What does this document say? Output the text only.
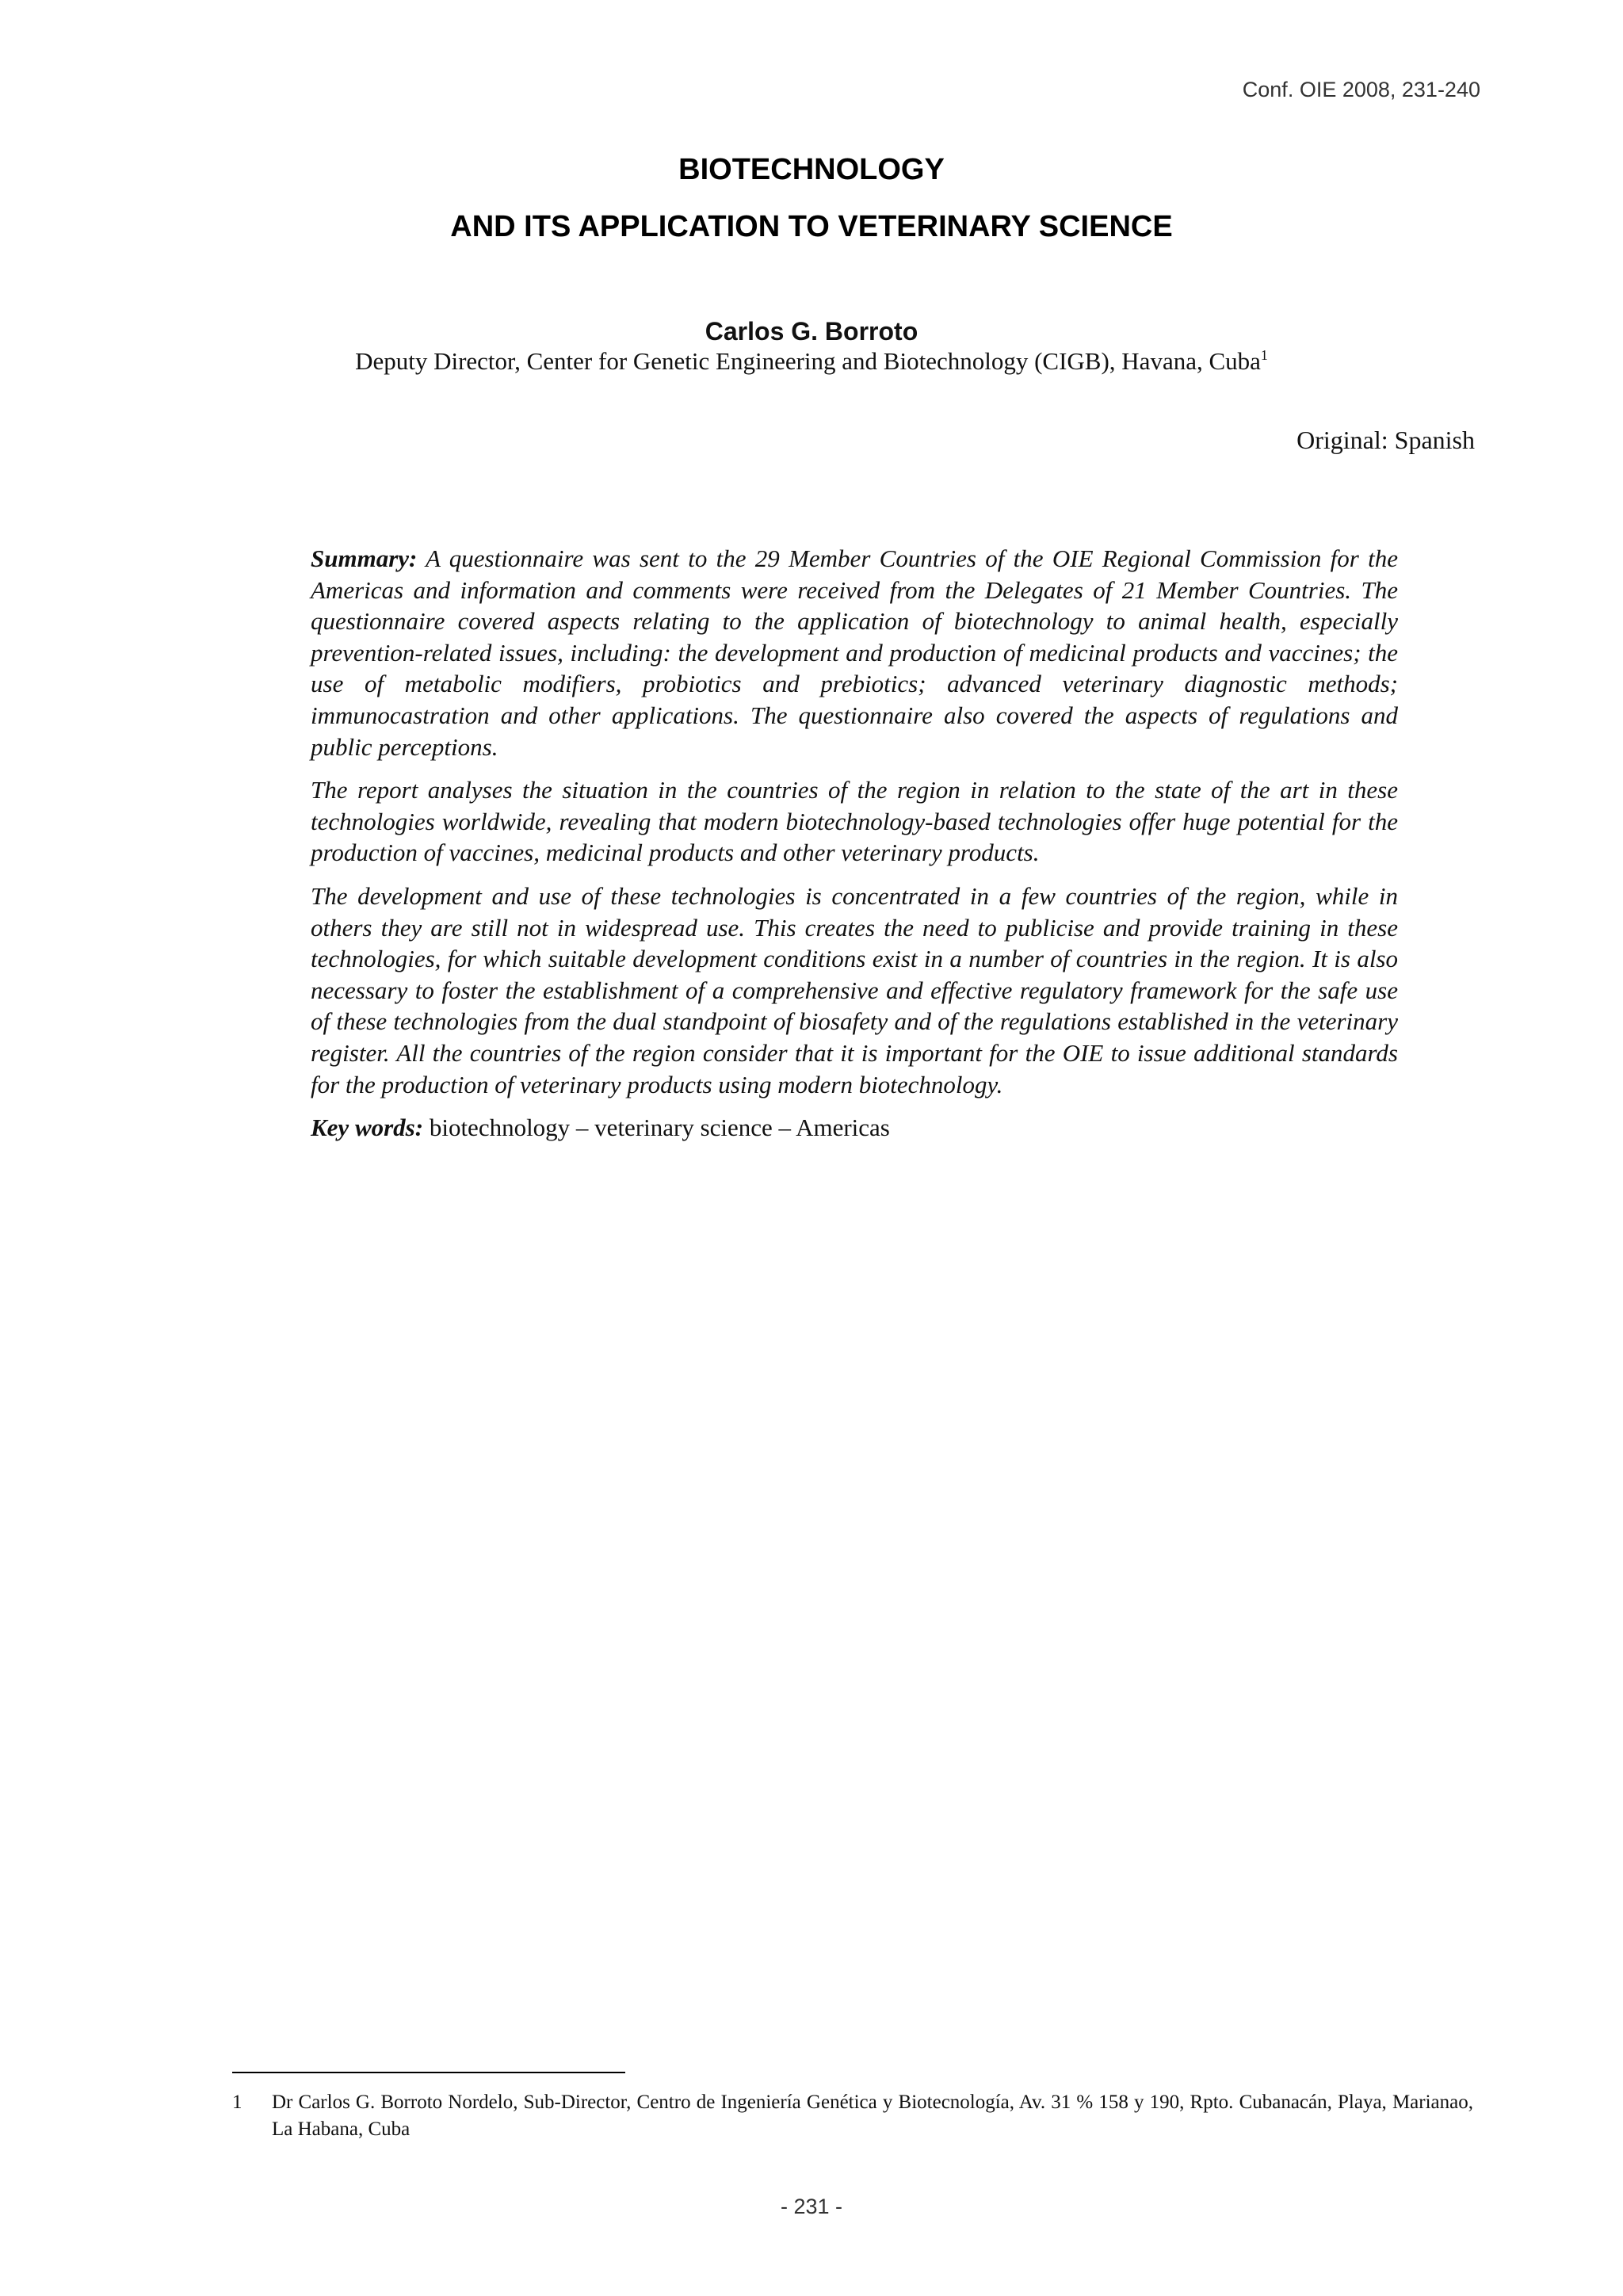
Conf. OIE 2008, 231-240
BIOTECHNOLOGY
AND ITS APPLICATION TO VETERINARY SCIENCE
Carlos G. Borroto
Deputy Director, Center for Genetic Engineering and Biotechnology (CIGB), Havana, Cuba$^1$
Original: Spanish

Summary: A questionnaire was sent to the 29 Member Countries of the OIE Regional Commission for the Americas and information and comments were received from the Delegates of 21 Member Countries. The questionnaire covered aspects relating to the application of biotechnology to animal health, especially prevention-related issues, including: the development and production of medicinal products and vaccines; the use of metabolic modifiers, probiotics and prebiotics; advanced veterinary diagnostic methods; immunocastration and other applications. The questionnaire also covered the aspects of regulations and public perceptions.

The report analyses the situation in the countries of the region in relation to the state of the art in these technologies worldwide, revealing that modern biotechnology-based technologies offer huge potential for the production of vaccines, medicinal products and other veterinary products.

The development and use of these technologies is concentrated in a few countries of the region, while in others they are still not in widespread use. This creates the need to publicise and provide training in these technologies, for which suitable development conditions exist in a number of countries in the region. It is also necessary to foster the establishment of a comprehensive and effective regulatory framework for the safe use of these technologies from the dual standpoint of biosafety and of the regulations established in the veterinary register. All the countries of the region consider that it is important for the OIE to issue additional standards for the production of veterinary products using modern biotechnology.

Key words: biotechnology – veterinary science – Americas

1 Dr Carlos G. Borroto Nordelo, Sub-Director, Centro de Ingeniería Genética y Biotecnología, Av. 31 % 158 y 190, Rpto. Cubanacán, Playa, Marianao, La Habana, Cuba
- 231 -
